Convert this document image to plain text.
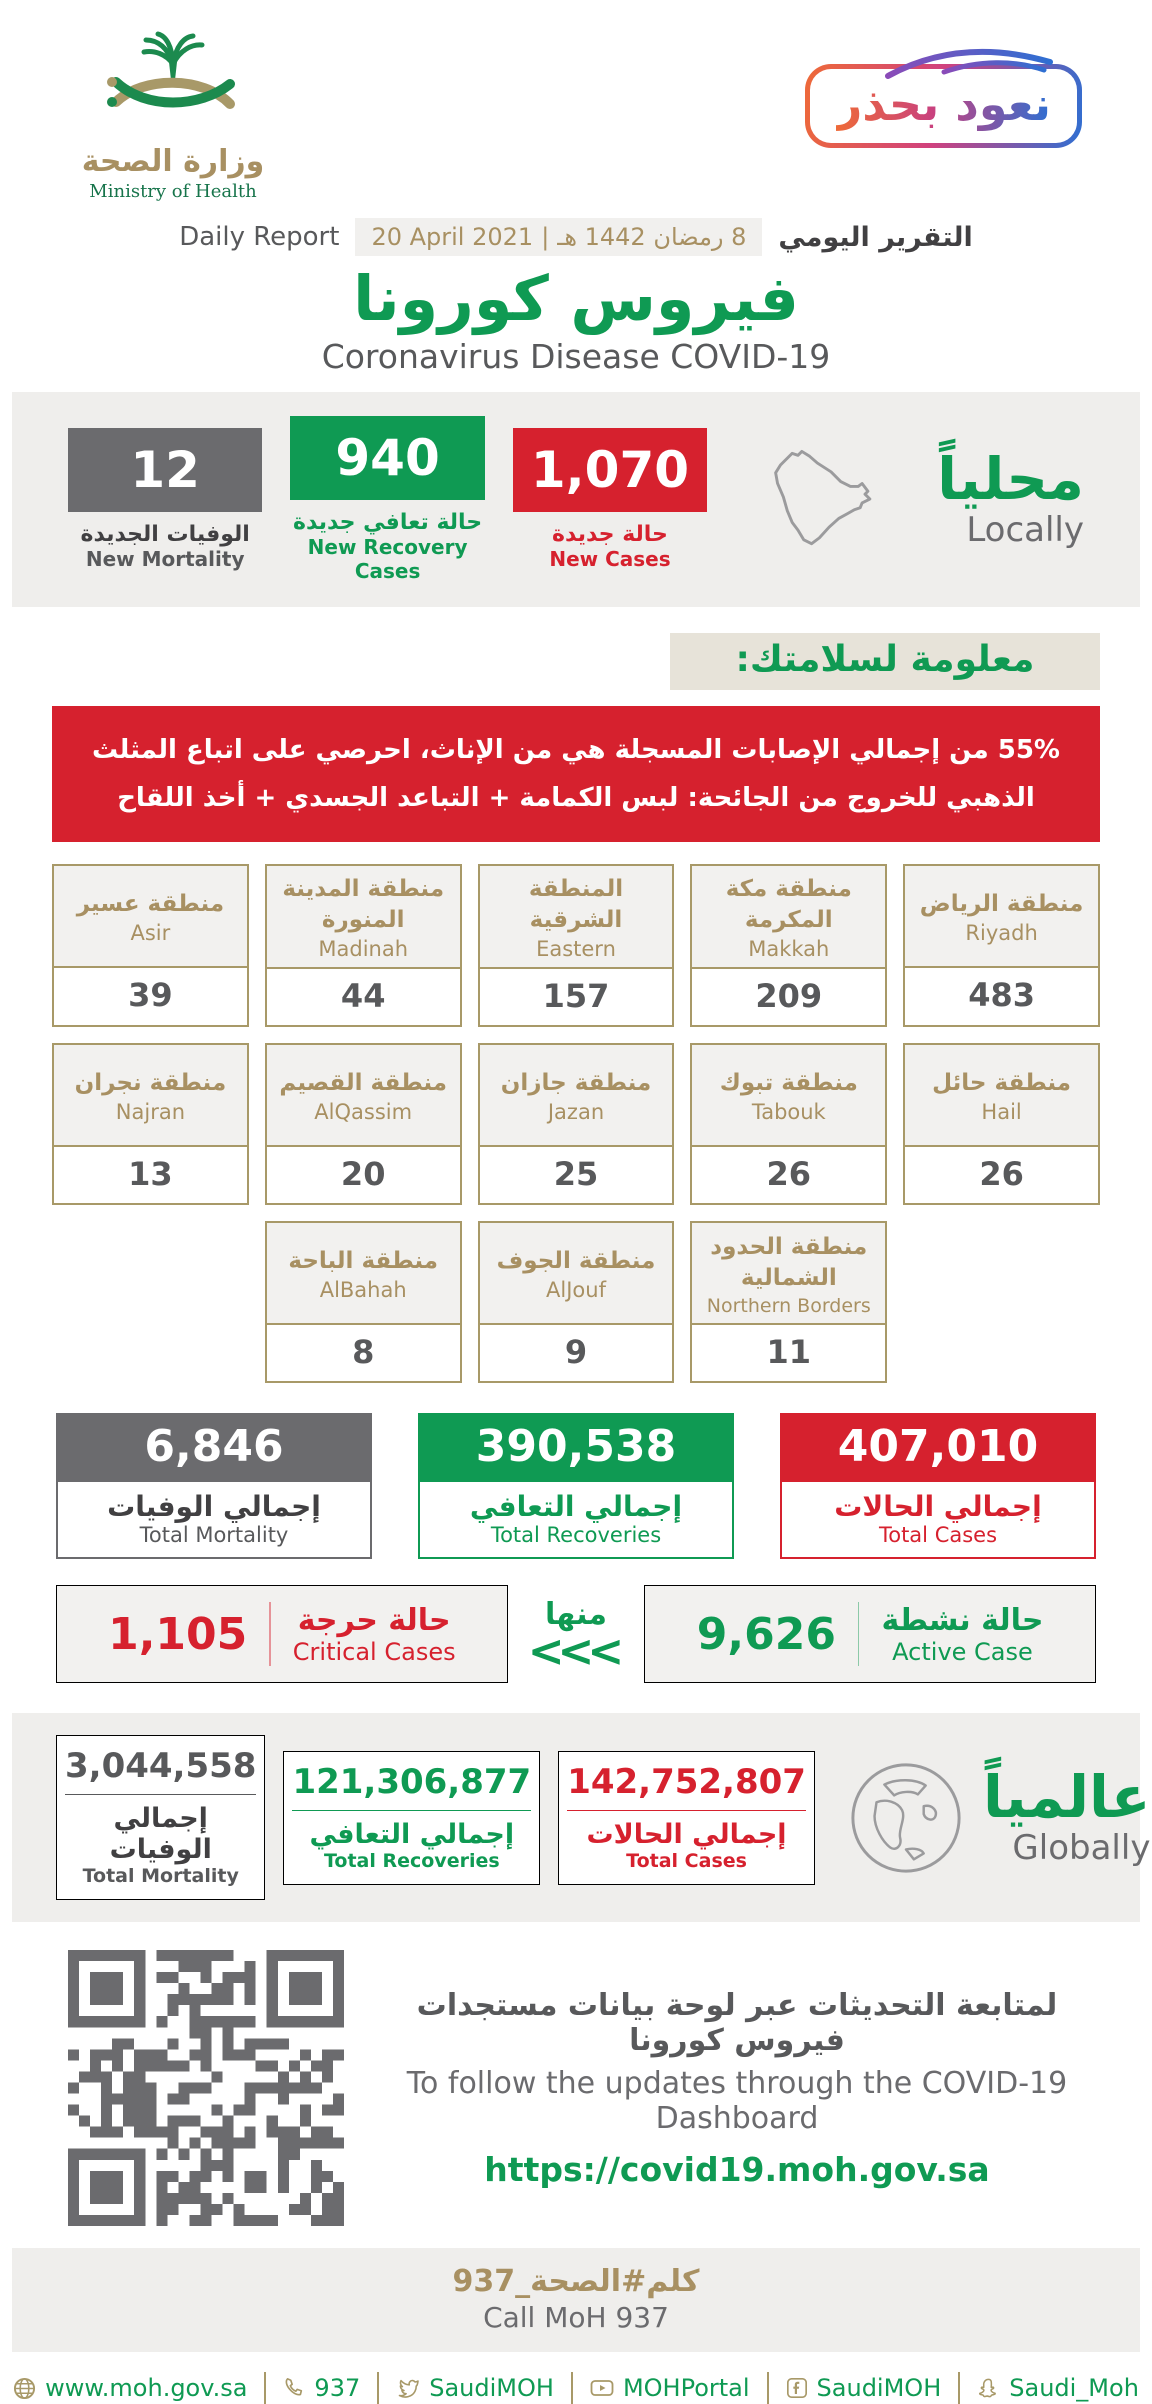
وزارة الصحة
Ministry of Health
نعود بحذر
Daily Report	20 April 2021 | 8 رمضان 1442 هـ	التقرير اليومي
فيروس كورونا
Coronavirus Disease COVID-19
12
الوفيات الجديدة
New Mortality
940
حالة تعافي جديدة
New Recovery Cases
1,070
حالة جديدة
New Cases
محلياً
Locally
معلومة لسلامتك:
55% من إجمالي الإصابات المسجلة هي من الإناث، احرصي على اتباع المثلث الذهبي للخروج من الجائحة: لبس الكمامة + التباعد الجسدي + أخذ اللقاح
منطقة عسير
Asir
39
منطقة المدينة المنورة
Madinah
44
المنطقة الشرقية
Eastern
157
منطقة مكة المكرمة
Makkah
209
منطقة الرياض
Riyadh
483
منطقة نجران
Najran
13
منطقة القصيم
AlQassim
20
منطقة جازان
Jazan
25
منطقة تبوك
Tabouk
26
منطقة حائل
Hail
26
منطقة الباحة
AlBahah
8
منطقة الجوف
AlJouf
9
منطقة الحدود الشمالية
Northern Borders
11
6,846
إجمالي الوفيات
Total Mortality
390,538
إجمالي التعافي
Total Recoveries
407,010
إجمالي الحالات
Total Cases
1,105 حالة حرجة
Critical Cases
منها
<<< 9,626 حالة نشطة
Active Case
3,044,558
إجمالي الوفيات
Total Mortality
121,306,877
إجمالي التعافي
Total Recoveries
142,752,807
إجمالي الحالات
Total Cases
عالمياً
Globally
لمتابعة التحديثات عبر لوحة بيانات مستجدات فيروس كورونا
To follow the updates through the COVID-19 Dashboard
https://covid19.moh.gov.sa
كلم#الصحة_937
Call MoH 937
www.moh.gov.sa	937	SaudiMOH	MOHPortal	SaudiMOH	Saudi_Moh
